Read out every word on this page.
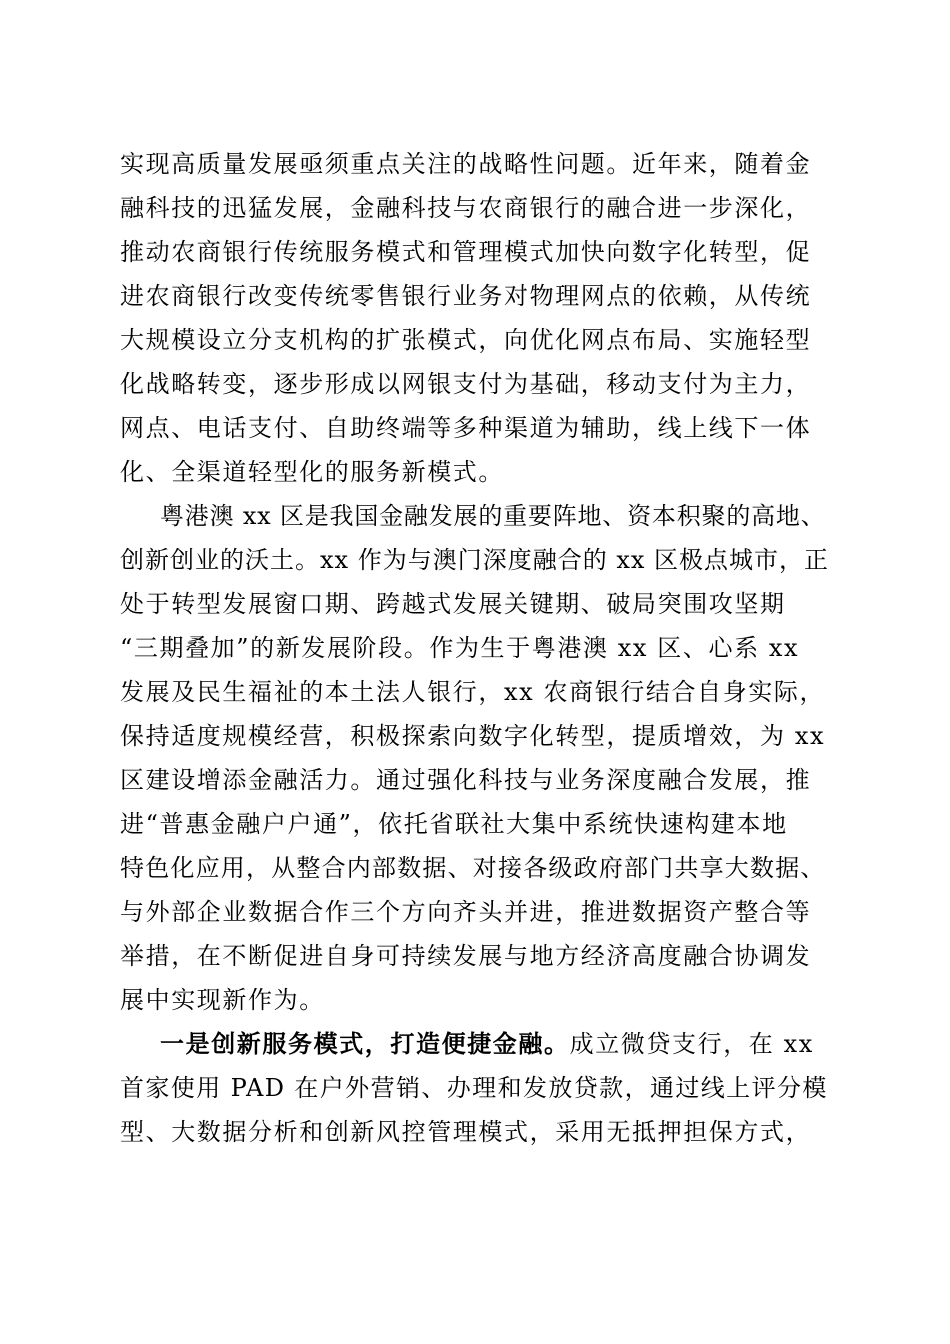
实现高质量发展亟须重点关注的战略性问题。近年来，随着金
融科技的迅猛发展，金融科技与农商银行的融合进一步深化，
推动农商银行传统服务模式和管理模式加快向数字化转型，促
进农商银行改变传统零售银行业务对物理网点的依赖，从传统
大规模设立分支机构的扩张模式，向优化网点布局、实施轻型
化战略转变，逐步形成以网银支付为基础，移动支付为主力，
网点、电话支付、自助终端等多种渠道为辅助，线上线下一体
化、全渠道轻型化的服务新模式。
粤港澳 xx 区是我国金融发展的重要阵地、资本积聚的高地、
创新创业的沃土。xx 作为与澳门深度融合的 xx 区极点城市，正
处于转型发展窗口期、跨越式发展关键期、破局突围攻坚期
“三期叠加”的新发展阶段。作为生于粤港澳 xx 区、心系 xx
发展及民生福祉的本土法人银行，xx 农商银行结合自身实际，
保持适度规模经营，积极探索向数字化转型，提质增效，为 xx
区建设增添金融活力。通过强化科技与业务深度融合发展，推
进“普惠金融户户通”，依托省联社大集中系统快速构建本地
特色化应用，从整合内部数据、对接各级政府部门共享大数据、
与外部企业数据合作三个方向齐头并进，推进数据资产整合等
举措，在不断促进自身可持续发展与地方经济高度融合协调发
展中实现新作为。
一是创新服务模式，打造便捷金融。成立微贷支行，在 xx
首家使用 PAD 在户外营销、办理和发放贷款，通过线上评分模
型、大数据分析和创新风控管理模式，采用无抵押担保方式，
